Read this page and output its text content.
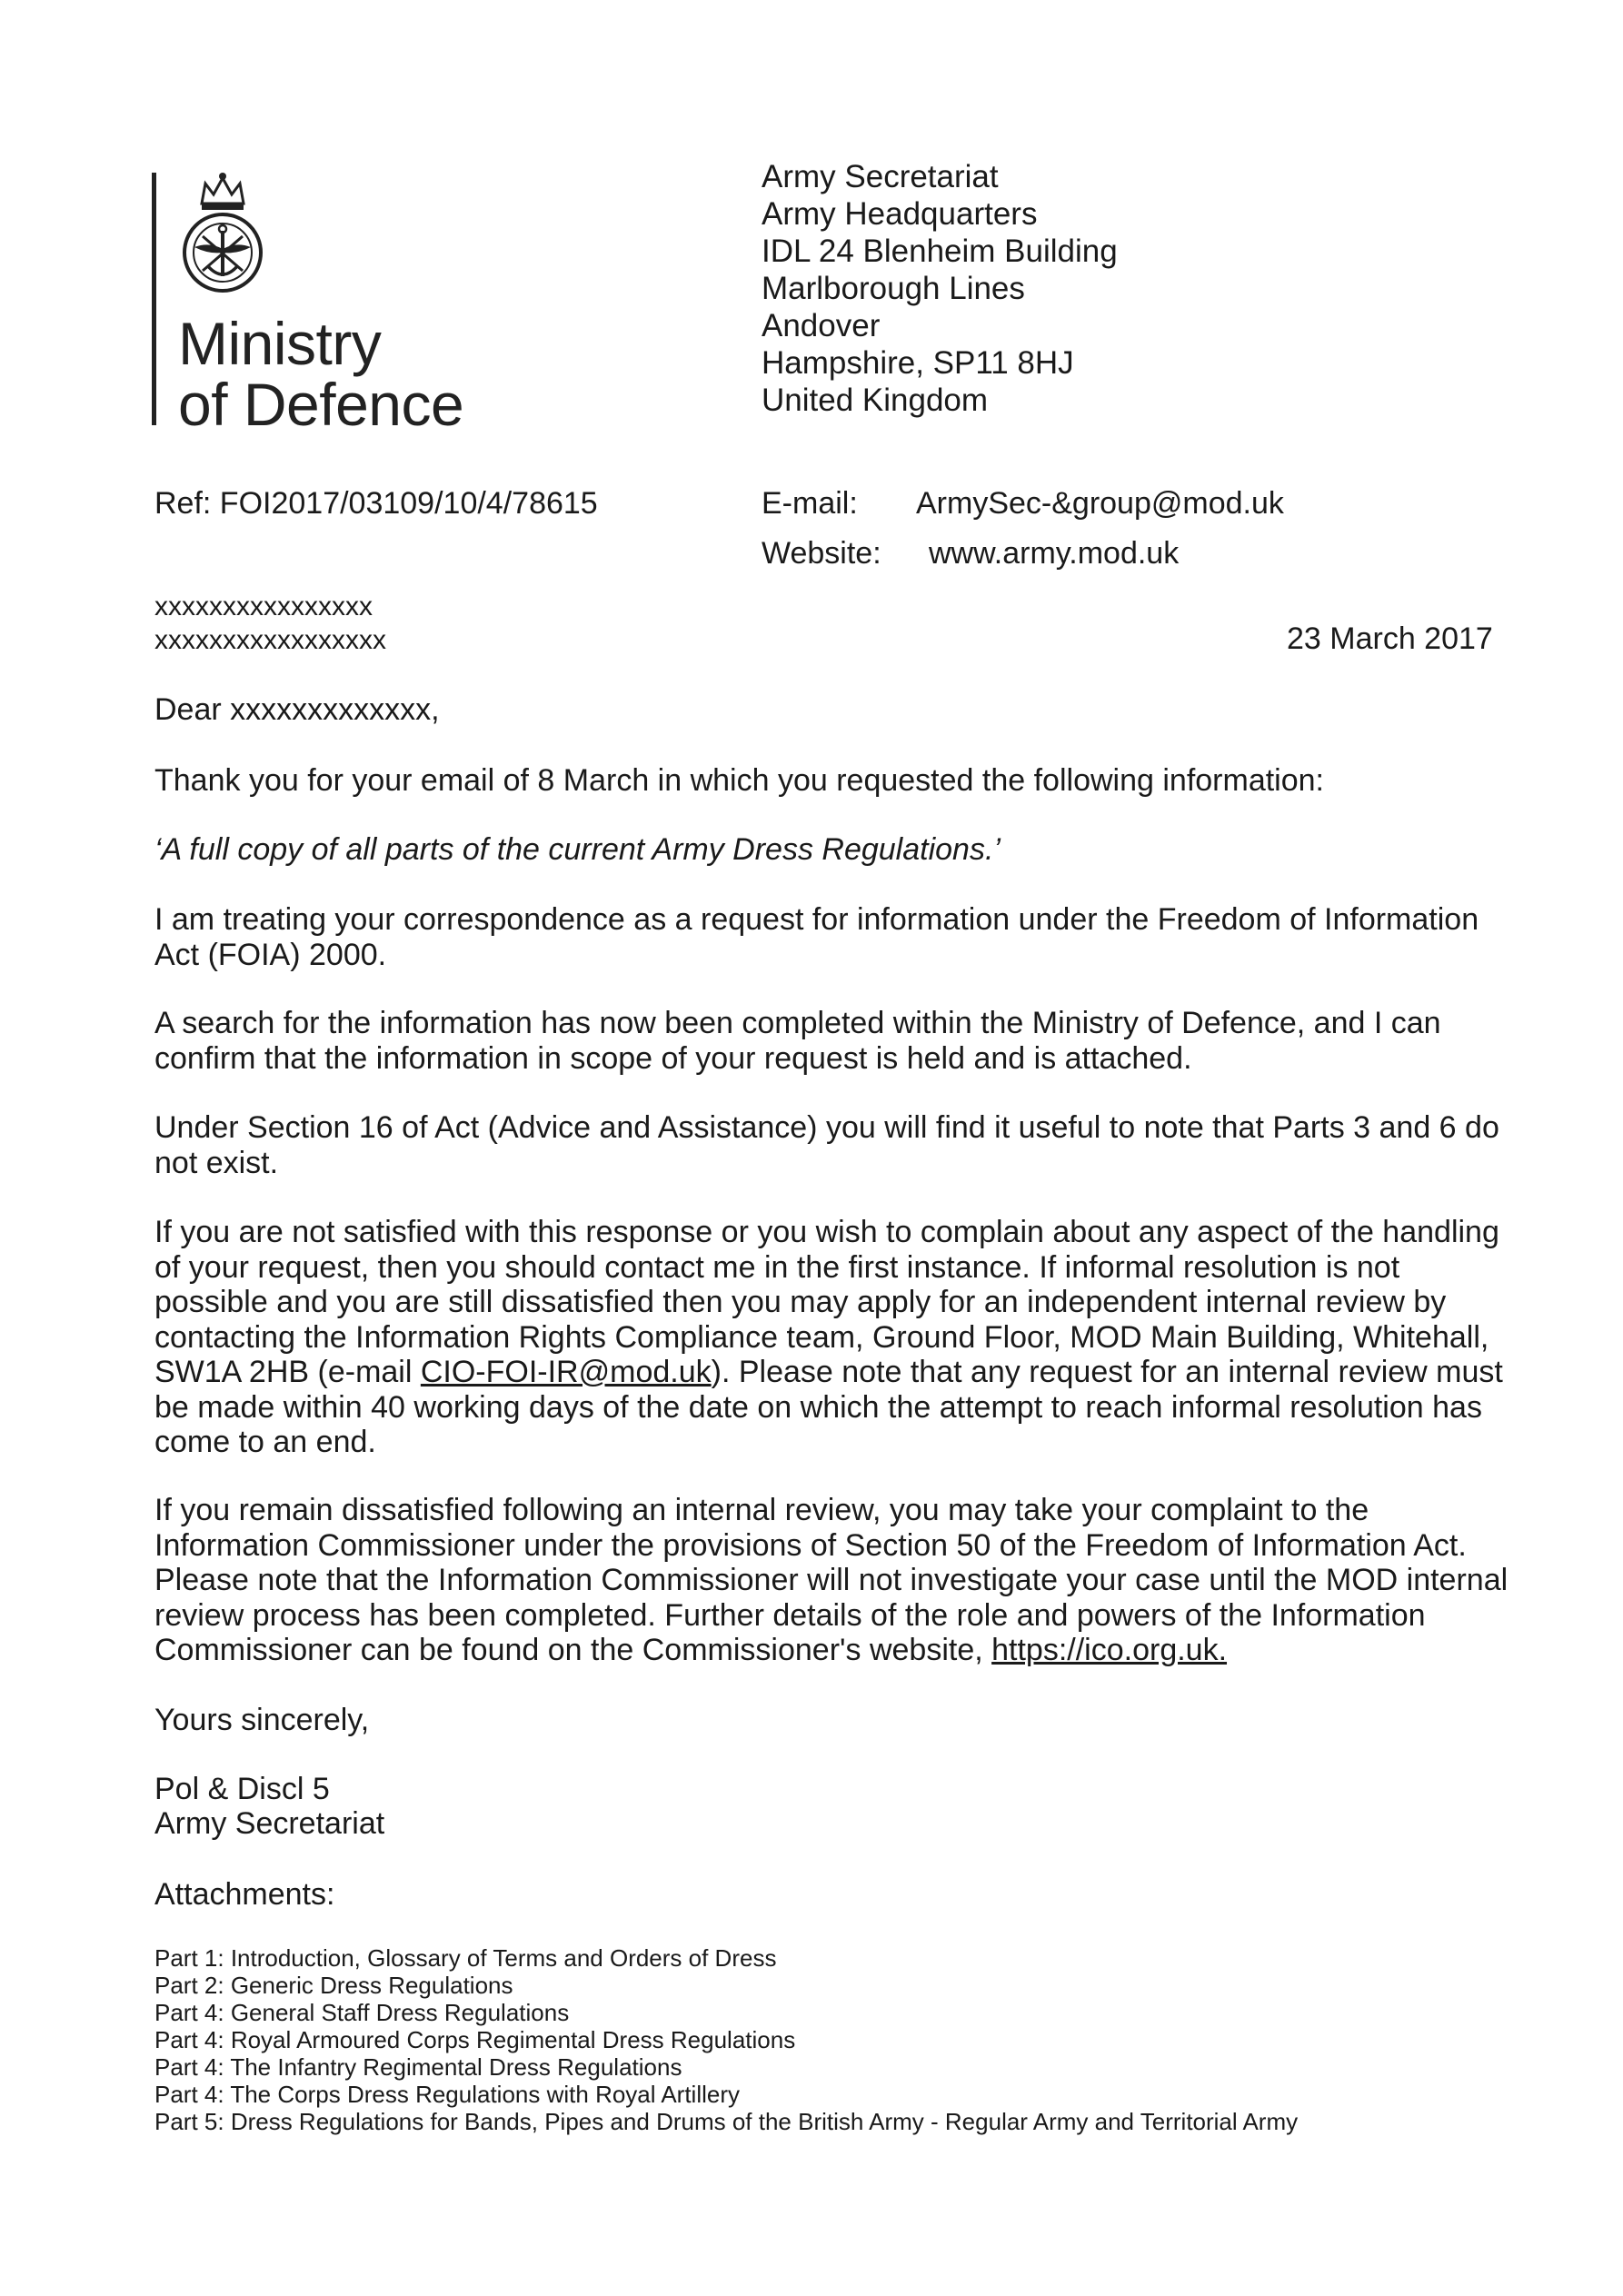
Ministry
of Defence
Army Secretariat
Army Headquarters
IDL 24 Blenheim Building
Marlborough Lines
Andover
Hampshire, SP11 8HJ
United Kingdom
Ref: FOI2017/03109/10/4/78615	E-mail: ArmySec-&group@mod.uk
Website: www.army.mod.uk
xxxxxxxxxxxxxxxx
xxxxxxxxxxxxxxxxx	23 March 2017
Dear xxxxxxxxxxxxx,
Thank you for your email of 8 March in which you requested the following information:
‘A full copy of all parts of the current Army Dress Regulations.’
I am treating your correspondence as a request for information under the Freedom of Information
Act (FOIA) 2000.
A search for the information has now been completed within the Ministry of Defence, and I can
confirm that the information in scope of your request is held and is attached.
Under Section 16 of Act (Advice and Assistance) you will find it useful to note that Parts 3 and 6 do
not exist.
If you are not satisfied with this response or you wish to complain about any aspect of the handling
of your request, then you should contact me in the first instance. If informal resolution is not
possible and you are still dissatisfied then you may apply for an independent internal review by
contacting the Information Rights Compliance team, Ground Floor, MOD Main Building, Whitehall,
SW1A 2HB (e-mail CIO-FOI-IR@mod.uk). Please note that any request for an internal review must
be made within 40 working days of the date on which the attempt to reach informal resolution has
come to an end.
If you remain dissatisfied following an internal review, you may take your complaint to the
Information Commissioner under the provisions of Section 50 of the Freedom of Information Act.
Please note that the Information Commissioner will not investigate your case until the MOD internal
review process has been completed. Further details of the role and powers of the Information
Commissioner can be found on the Commissioner's website, https://ico.org.uk.
Yours sincerely,
Pol & Discl 5
Army Secretariat
Attachments:
Part 1: Introduction, Glossary of Terms and Orders of Dress
Part 2: Generic Dress Regulations
Part 4: General Staff Dress Regulations
Part 4: Royal Armoured Corps Regimental Dress Regulations
Part 4: The Infantry Regimental Dress Regulations
Part 4: The Corps Dress Regulations with Royal Artillery
Part 5: Dress Regulations for Bands, Pipes and Drums of the British Army - Regular Army and Territorial Army
